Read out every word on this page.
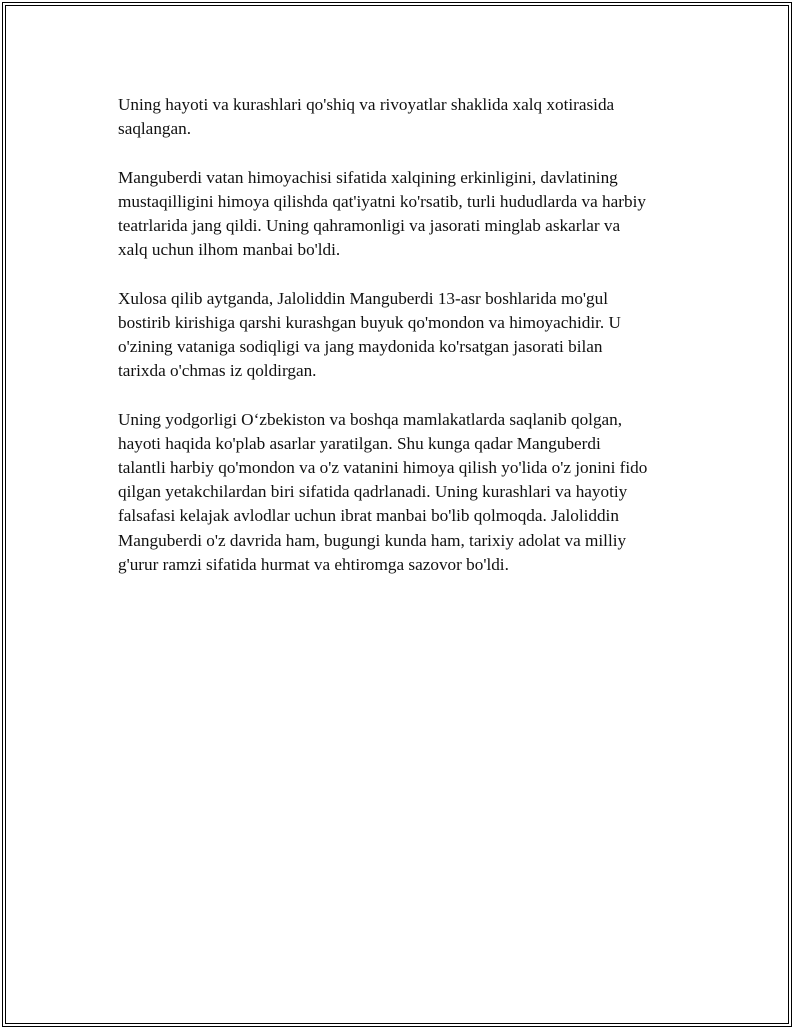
Uning hayoti va kurashlari qo'shiq va rivoyatlar shaklida xalq xotirasida
saqlangan.

Manguberdi vatan himoyachisi sifatida xalqining erkinligini, davlatining
mustaqilligini himoya qilishda qat'iyatni ko'rsatib, turli hududlarda va harbiy
teatrlarida jang qildi. Uning qahramonligi va jasorati minglab askarlar va
xalq uchun ilhom manbai bo'ldi.

Xulosa qilib aytganda, Jaloliddin Manguberdi 13-asr boshlarida mo'gul
bostirib kirishiga qarshi kurashgan buyuk qo'mondon va himoyachidir. U
o'zining vataniga sodiqligi va jang maydonida ko'rsatgan jasorati bilan
tarixda o'chmas iz qoldirgan.

Uning yodgorligi O‘zbekiston va boshqa mamlakatlarda saqlanib qolgan,
hayoti haqida ko'plab asarlar yaratilgan. Shu kunga qadar Manguberdi
talantli harbiy qo'mondon va o'z vatanini himoya qilish yo'lida o'z jonini fido
qilgan yetakchilardan biri sifatida qadrlanadi. Uning kurashlari va hayotiy
falsafasi kelajak avlodlar uchun ibrat manbai bo'lib qolmoqda. Jaloliddin
Manguberdi o'z davrida ham, bugungi kunda ham, tarixiy adolat va milliy
g'urur ramzi sifatida hurmat va ehtiromga sazovor bo'ldi.
